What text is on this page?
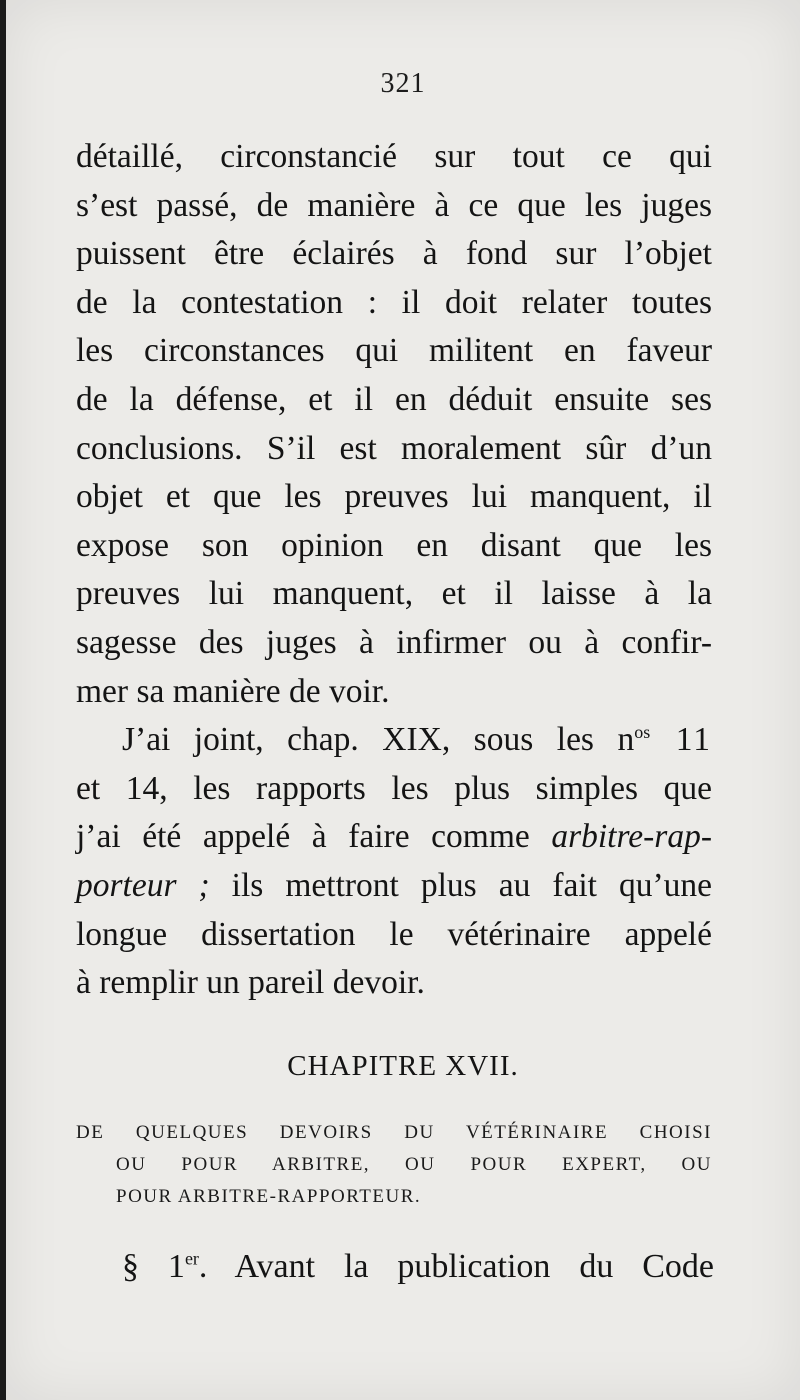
321
détaillé, circonstancié sur tout ce qui
s’est passé, de manière à ce que les juges
puissent être éclairés à fond sur l’objet
de la contestation : il doit relater toutes
les circonstances qui militent en faveur
de la défense, et il en déduit ensuite ses
conclusions. S’il est moralement sûr d’un
objet et que les preuves lui manquent, il
expose son opinion en disant que les
preuves lui manquent, et il laisse à la
sagesse des juges à infirmer ou à confir-
mer sa manière de voir.
J’ai joint, chap. XIX, sous les $n^{os}$ 11
et 14, les rapports les plus simples que
j’ai été appelé à faire comme arbitre-rap-
porteur ; ils mettront plus au fait qu’une
longue dissertation le vétérinaire appelé
à remplir un pareil devoir.
CHAPITRE XVII.
DE QUELQUES DEVOIRS DU VÉTÉRINAIRE CHOISI
OU POUR ARBITRE, OU POUR EXPERT, OU
POUR ARBITRE-RAPPORTEUR.
§ 1er. Avant la publication du Code
